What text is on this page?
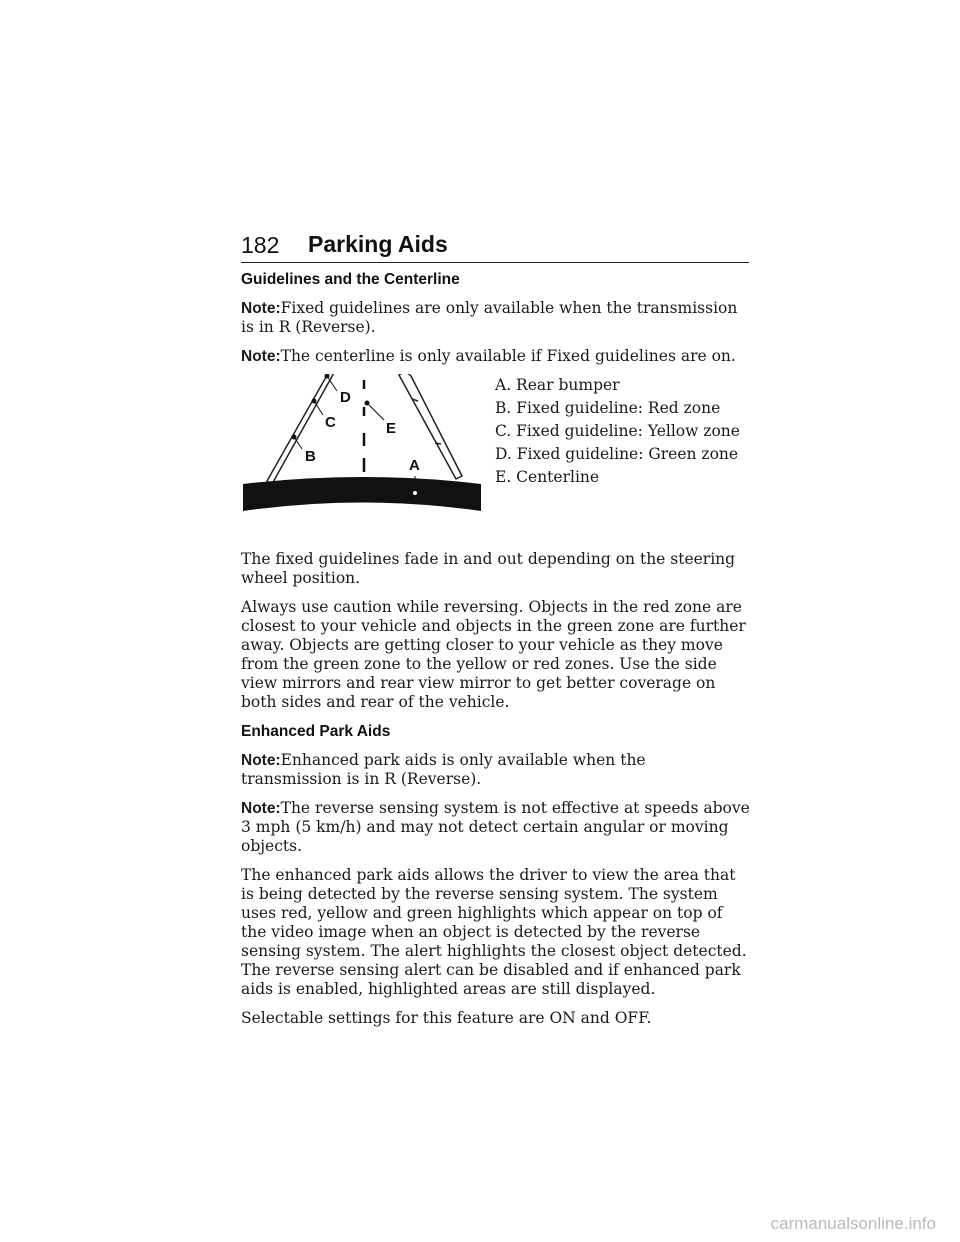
182 Parking Aids
Guidelines and the Centerline

Note:Fixed guidelines are only available when the transmission is in R (Reverse).

Note:The centerline is only available if Fixed guidelines are on.

D
C
B
E
A
A. Rear bumper
B. Fixed guideline: Red zone
C. Fixed guideline: Yellow zone
D. Fixed guideline: Green zone
E. Centerline

The fixed guidelines fade in and out depending on the steering wheel position.

Always use caution while reversing. Objects in the red zone are closest to your vehicle and objects in the green zone are further away. Objects are getting closer to your vehicle as they move from the green zone to the yellow or red zones. Use the side view mirrors and rear view mirror to get better coverage on both sides and rear of the vehicle.

Enhanced Park Aids

Note:Enhanced park aids is only available when the transmission is in R (Reverse).

Note:The reverse sensing system is not effective at speeds above 3 mph (5 km/h) and may not detect certain angular or moving objects.

The enhanced park aids allows the driver to view the area that is being detected by the reverse sensing system. The system uses red, yellow and green highlights which appear on top of the video image when an object is detected by the reverse sensing system. The alert highlights the closest object detected. The reverse sensing alert can be disabled and if enhanced park aids is enabled, highlighted areas are still displayed.

Selectable settings for this feature are ON and OFF.

carmanualsonline.info
